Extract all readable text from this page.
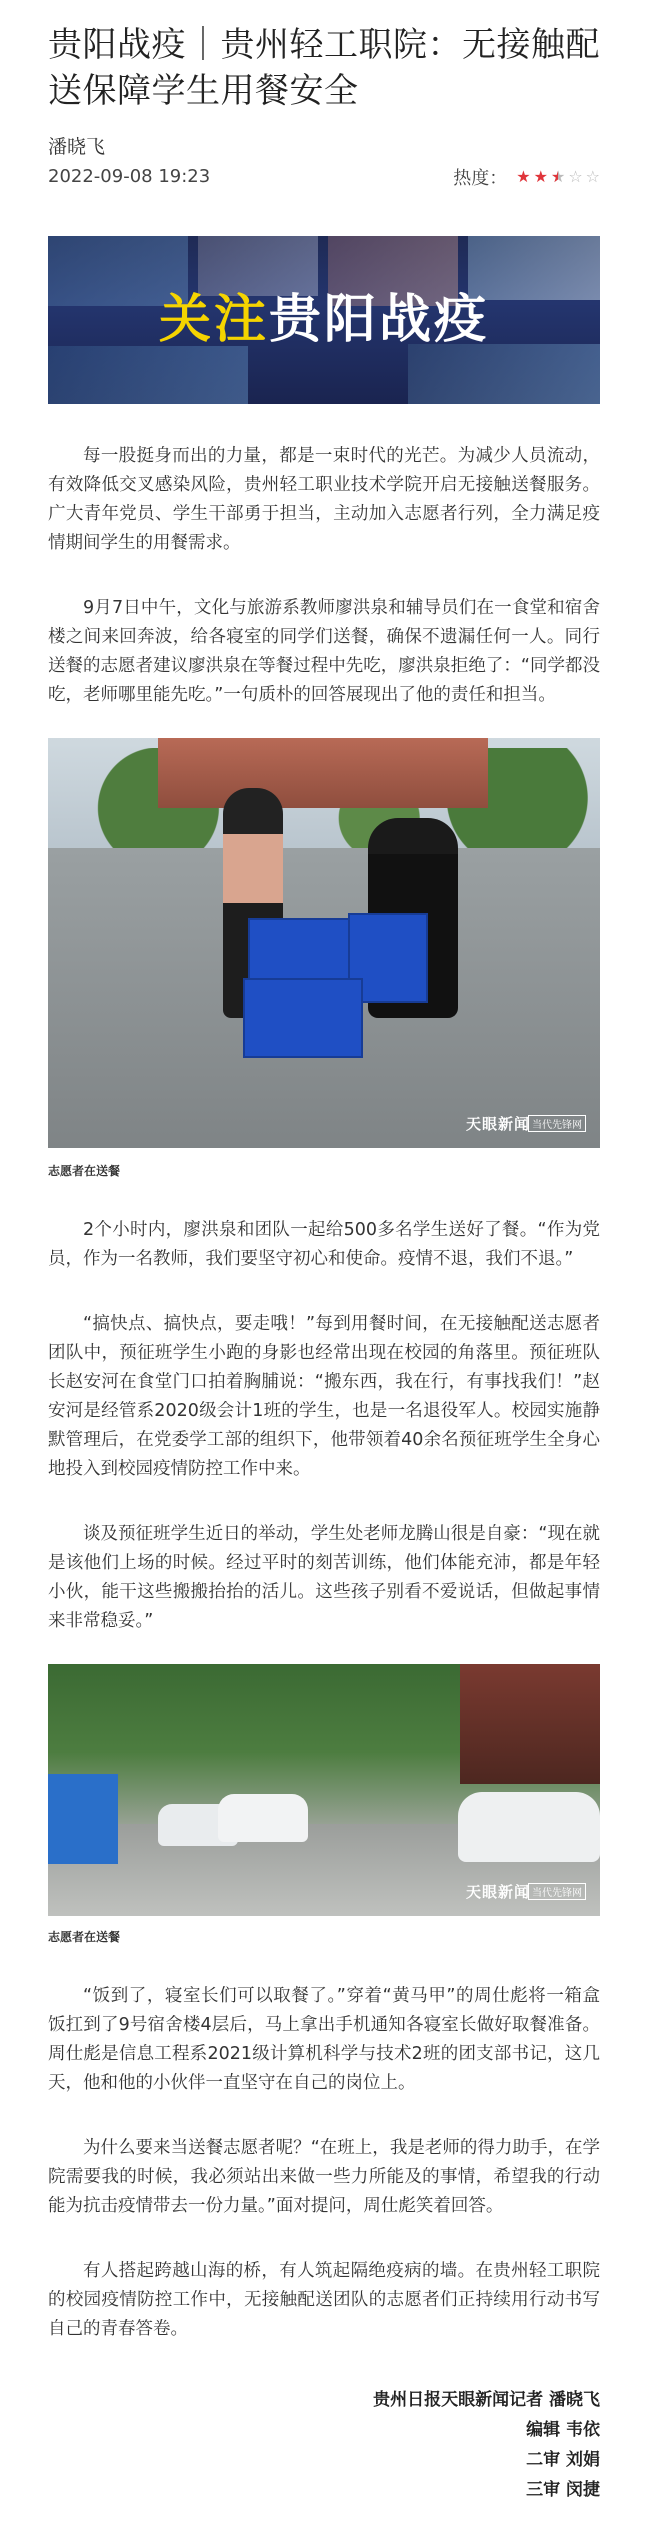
贵阳战疫｜贵州轻工职院：无接触配送保障学生用餐安全
潘晓飞
2022-09-08 19:23	热度： ★ ★
★ ★ ☆ ☆
关注贵阳战疫

每一股挺身而出的力量，都是一束时代的光芒。为减少人员流动，有效降低交叉感染风险，贵州轻工职业技术学院开启无接触送餐服务。广大青年党员、学生干部勇于担当，主动加入志愿者行列，全力满足疫情期间学生的用餐需求。

9月7日中午，文化与旅游系教师廖洪泉和辅导员们在一食堂和宿舍楼之间来回奔波，给各寝室的同学们送餐，确保不遗漏任何一人。同行送餐的志愿者建议廖洪泉在等餐过程中先吃，廖洪泉拒绝了：“同学都没吃，老师哪里能先吃。”一句质朴的回答展现出了他的责任和担当。

天眼新闻 当代先锋网
志愿者在送餐

2个小时内，廖洪泉和团队一起给500多名学生送好了餐。“作为党员，作为一名教师，我们要坚守初心和使命。疫情不退，我们不退。”

“搞快点、搞快点，要走哦！”每到用餐时间，在无接触配送志愿者团队中，预征班学生小跑的身影也经常出现在校园的角落里。预征班队长赵安河在食堂门口拍着胸脯说：“搬东西，我在行，有事找我们！”赵安河是经管系2020级会计1班的学生，也是一名退役军人。校园实施静默管理后，在党委学工部的组织下，他带领着40余名预征班学生全身心地投入到校园疫情防控工作中来。

谈及预征班学生近日的举动，学生处老师龙腾山很是自豪：“现在就是该他们上场的时候。经过平时的刻苦训练，他们体能充沛，都是年轻小伙，能干这些搬搬抬抬的活儿。这些孩子别看不爱说话，但做起事情来非常稳妥。”

天眼新闻 当代先锋网
志愿者在送餐

“饭到了，寝室长们可以取餐了。”穿着“黄马甲”的周仕彪将一箱盒饭扛到了9号宿舍楼4层后，马上拿出手机通知各寝室长做好取餐准备。周仕彪是信息工程系2021级计算机科学与技术2班的团支部书记，这几天，他和他的小伙伴一直坚守在自己的岗位上。

为什么要来当送餐志愿者呢？“在班上，我是老师的得力助手，在学院需要我的时候，我必须站出来做一些力所能及的事情，希望我的行动能为抗击疫情带去一份力量。”面对提问，周仕彪笑着回答。

有人搭起跨越山海的桥，有人筑起隔绝疫病的墙。在贵州轻工职院的校园疫情防控工作中，无接触配送团队的志愿者们正持续用行动书写自己的青春答卷。

贵州日报天眼新闻记者 潘晓飞
编辑 韦依
二审 刘娟
三审 闵捷
